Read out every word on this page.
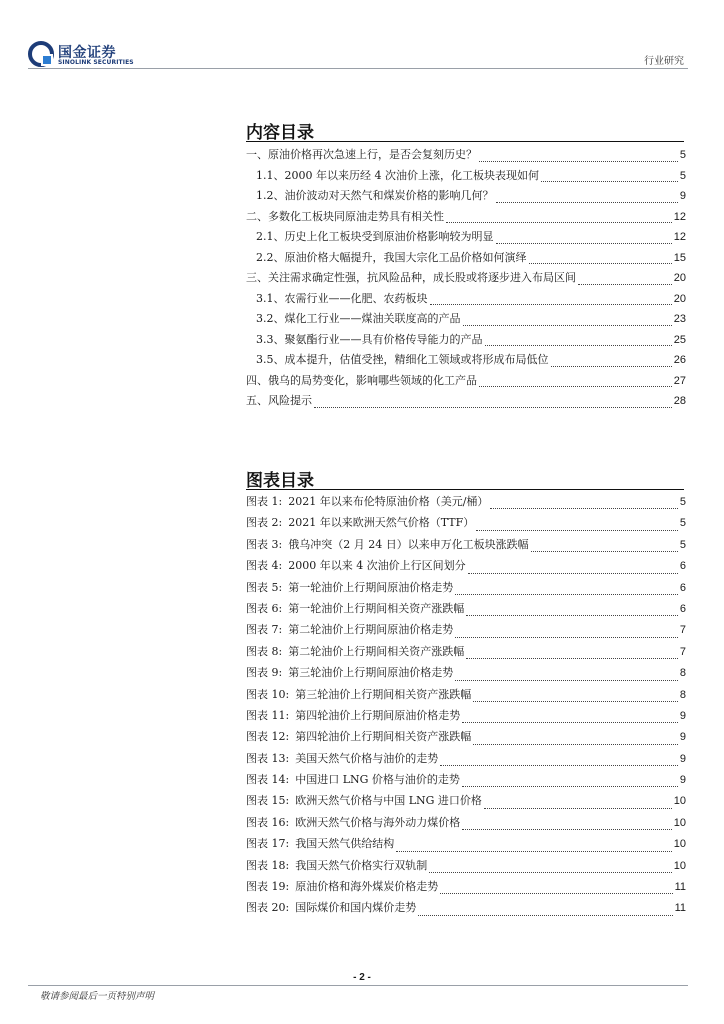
国金证券
SINOLINK SECURITIES	行业研究
内容目录
一、原油价格再次急速上行，是否会复刻历史？	5
1.1、2000 年以来历经 4 次油价上涨，化工板块表现如何	5
1.2、油价波动对天然气和煤炭价格的影响几何？	9
二、多数化工板块同原油走势具有相关性	12
2.1、历史上化工板块受到原油价格影响较为明显	12
2.2、原油价格大幅提升，我国大宗化工品价格如何演绎	15
三、关注需求确定性强，抗风险品种，成长股或将逐步进入布局区间	20
3.1、农需行业——化肥、农药板块	20
3.2、煤化工行业——煤油关联度高的产品	23
3.3、聚氨酯行业——具有价格传导能力的产品	25
3.5、成本提升，估值受挫，精细化工领域或将形成布局低位	26
四、俄乌的局势变化，影响哪些领域的化工产品	27
五、风险提示	28
图表目录
图表 1: 2021 年以来布伦特原油价格（美元/桶）	5
图表 2: 2021 年以来欧洲天然气价格（TTF）	5
图表 3: 俄乌冲突（2 月 24 日）以来申万化工板块涨跌幅	5
图表 4: 2000 年以来 4 次油价上行区间划分	6
图表 5: 第一轮油价上行期间原油价格走势	6
图表 6: 第一轮油价上行期间相关资产涨跌幅	6
图表 7: 第二轮油价上行期间原油价格走势	7
图表 8: 第二轮油价上行期间相关资产涨跌幅	7
图表 9: 第三轮油价上行期间原油价格走势	8
图表 10: 第三轮油价上行期间相关资产涨跌幅	8
图表 11: 第四轮油价上行期间原油价格走势	9
图表 12: 第四轮油价上行期间相关资产涨跌幅	9
图表 13: 美国天然气价格与油价的走势	9
图表 14: 中国进口 LNG 价格与油价的走势	9
图表 15: 欧洲天然气价格与中国 LNG 进口价格	10
图表 16: 欧洲天然气价格与海外动力煤价格	10
图表 17: 我国天然气供给结构	10
图表 18: 我国天然气价格实行双轨制	10
图表 19: 原油价格和海外煤炭价格走势	11
图表 20: 国际煤价和国内煤价走势	11
- 2 -
敬请参阅最后一页特别声明
